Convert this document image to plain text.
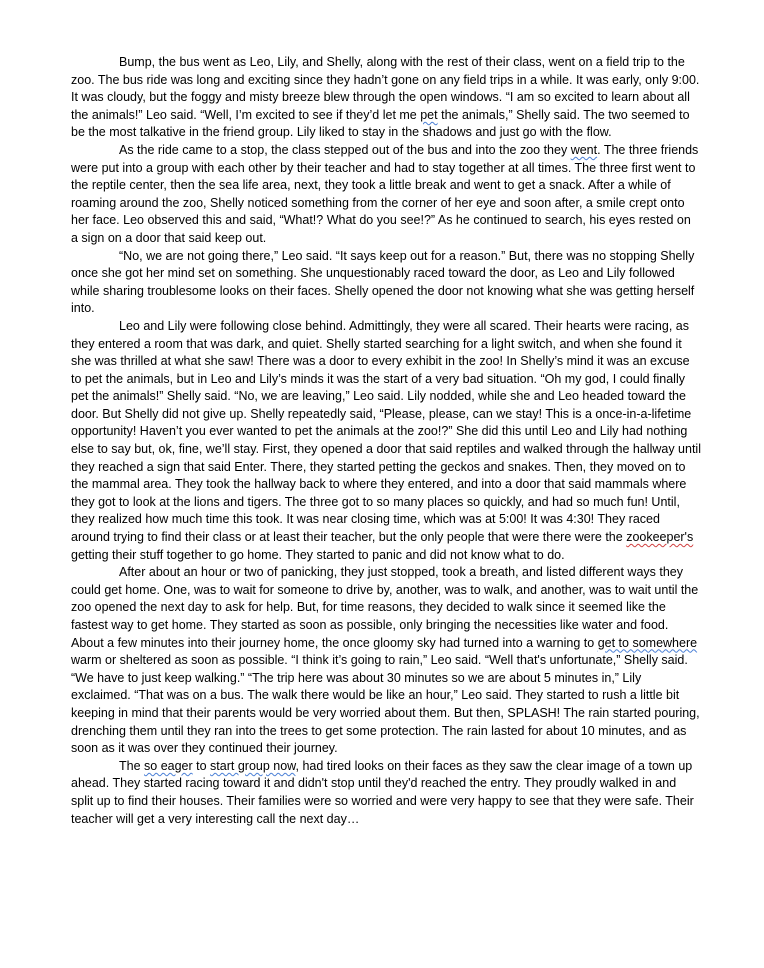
Bump, the bus went as Leo, Lily, and Shelly, along with the rest of their class, went on a field trip to the zoo. The bus ride was long and exciting since they hadn’t gone on any field trips in a while. It was early, only 9:00. It was cloudy, but the foggy and misty breeze blew through the open windows. “I am so excited to learn about all the animals!” Leo said. “Well, I’m excited to see if they’d let me pet the animals,” Shelly said. The two seemed to be the most talkative in the friend group. Lily liked to stay in the shadows and just go with the flow.

As the ride came to a stop, the class stepped out of the bus and into the zoo they went. The three friends were put into a group with each other by their teacher and had to stay together at all times. The three first went to the reptile center, then the sea life area, next, they took a little break and went to get a snack. After a while of roaming around the zoo, Shelly noticed something from the corner of her eye and soon after, a smile crept onto her face. Leo observed this and said, “What!? What do you see!?” As he continued to search, his eyes rested on a sign on a door that said keep out.

“No, we are not going there,” Leo said. “It says keep out for a reason.” But, there was no stopping Shelly once she got her mind set on something. She unquestionably raced toward the door, as Leo and Lily followed while sharing troublesome looks on their faces. Shelly opened the door not knowing what she was getting herself into.

Leo and Lily were following close behind. Admittingly, they were all scared. Their hearts were racing, as they entered a room that was dark, and quiet. Shelly started searching for a light switch, and when she found it she was thrilled at what she saw! There was a door to every exhibit in the zoo! In Shelly’s mind it was an excuse to pet the animals, but in Leo and Lily’s minds it was the start of a very bad situation. “Oh my god, I could finally pet the animals!” Shelly said. “No, we are leaving,” Leo said. Lily nodded, while she and Leo headed toward the door. But Shelly did not give up. Shelly repeatedly said, “Please, please, can we stay! This is a once-in-a-lifetime opportunity! Haven’t you ever wanted to pet the animals at the zoo!?” She did this until Leo and Lily had nothing else to say but, ok, fine, we’ll stay. First, they opened a door that said reptiles and walked through the hallway until they reached a sign that said Enter. There, they started petting the geckos and snakes. Then, they moved on to the mammal area. They took the hallway back to where they entered, and into a door that said mammals where they got to look at the lions and tigers. The three got to so many places so quickly, and had so much fun! Until, they realized how much time this took. It was near closing time, which was at 5:00! It was 4:30! They raced around trying to find their class or at least their teacher, but the only people that were there were the zookeeper's getting their stuff together to go home. They started to panic and did not know what to do.

After about an hour or two of panicking, they just stopped, took a breath, and listed different ways they could get home. One, was to wait for someone to drive by, another, was to walk, and another, was to wait until the zoo opened the next day to ask for help. But, for time reasons, they decided to walk since it seemed like the fastest way to get home. They started as soon as possible, only bringing the necessities like water and food. About a few minutes into their journey home, the once gloomy sky had turned into a warning to get to somewhere warm or sheltered as soon as possible. “I think it’s going to rain,” Leo said. “Well that's unfortunate,” Shelly said. “We have to just keep walking.” “The trip here was about 30 minutes so we are about 5 minutes in,” Lily exclaimed. “That was on a bus. The walk there would be like an hour,” Leo said. They started to rush a little bit keeping in mind that their parents would be very worried about them. But then, SPLASH! The rain started pouring, drenching them until they ran into the trees to get some protection. The rain lasted for about 10 minutes, and as soon as it was over they continued their journey.

The so eager to start group now, had tired looks on their faces as they saw the clear image of a town up ahead. They started racing toward it and didn't stop until they'd reached the entry. They proudly walked in and split up to find their houses. Their families were so worried and were very happy to see that they were safe. Their teacher will get a very interesting call the next day…
